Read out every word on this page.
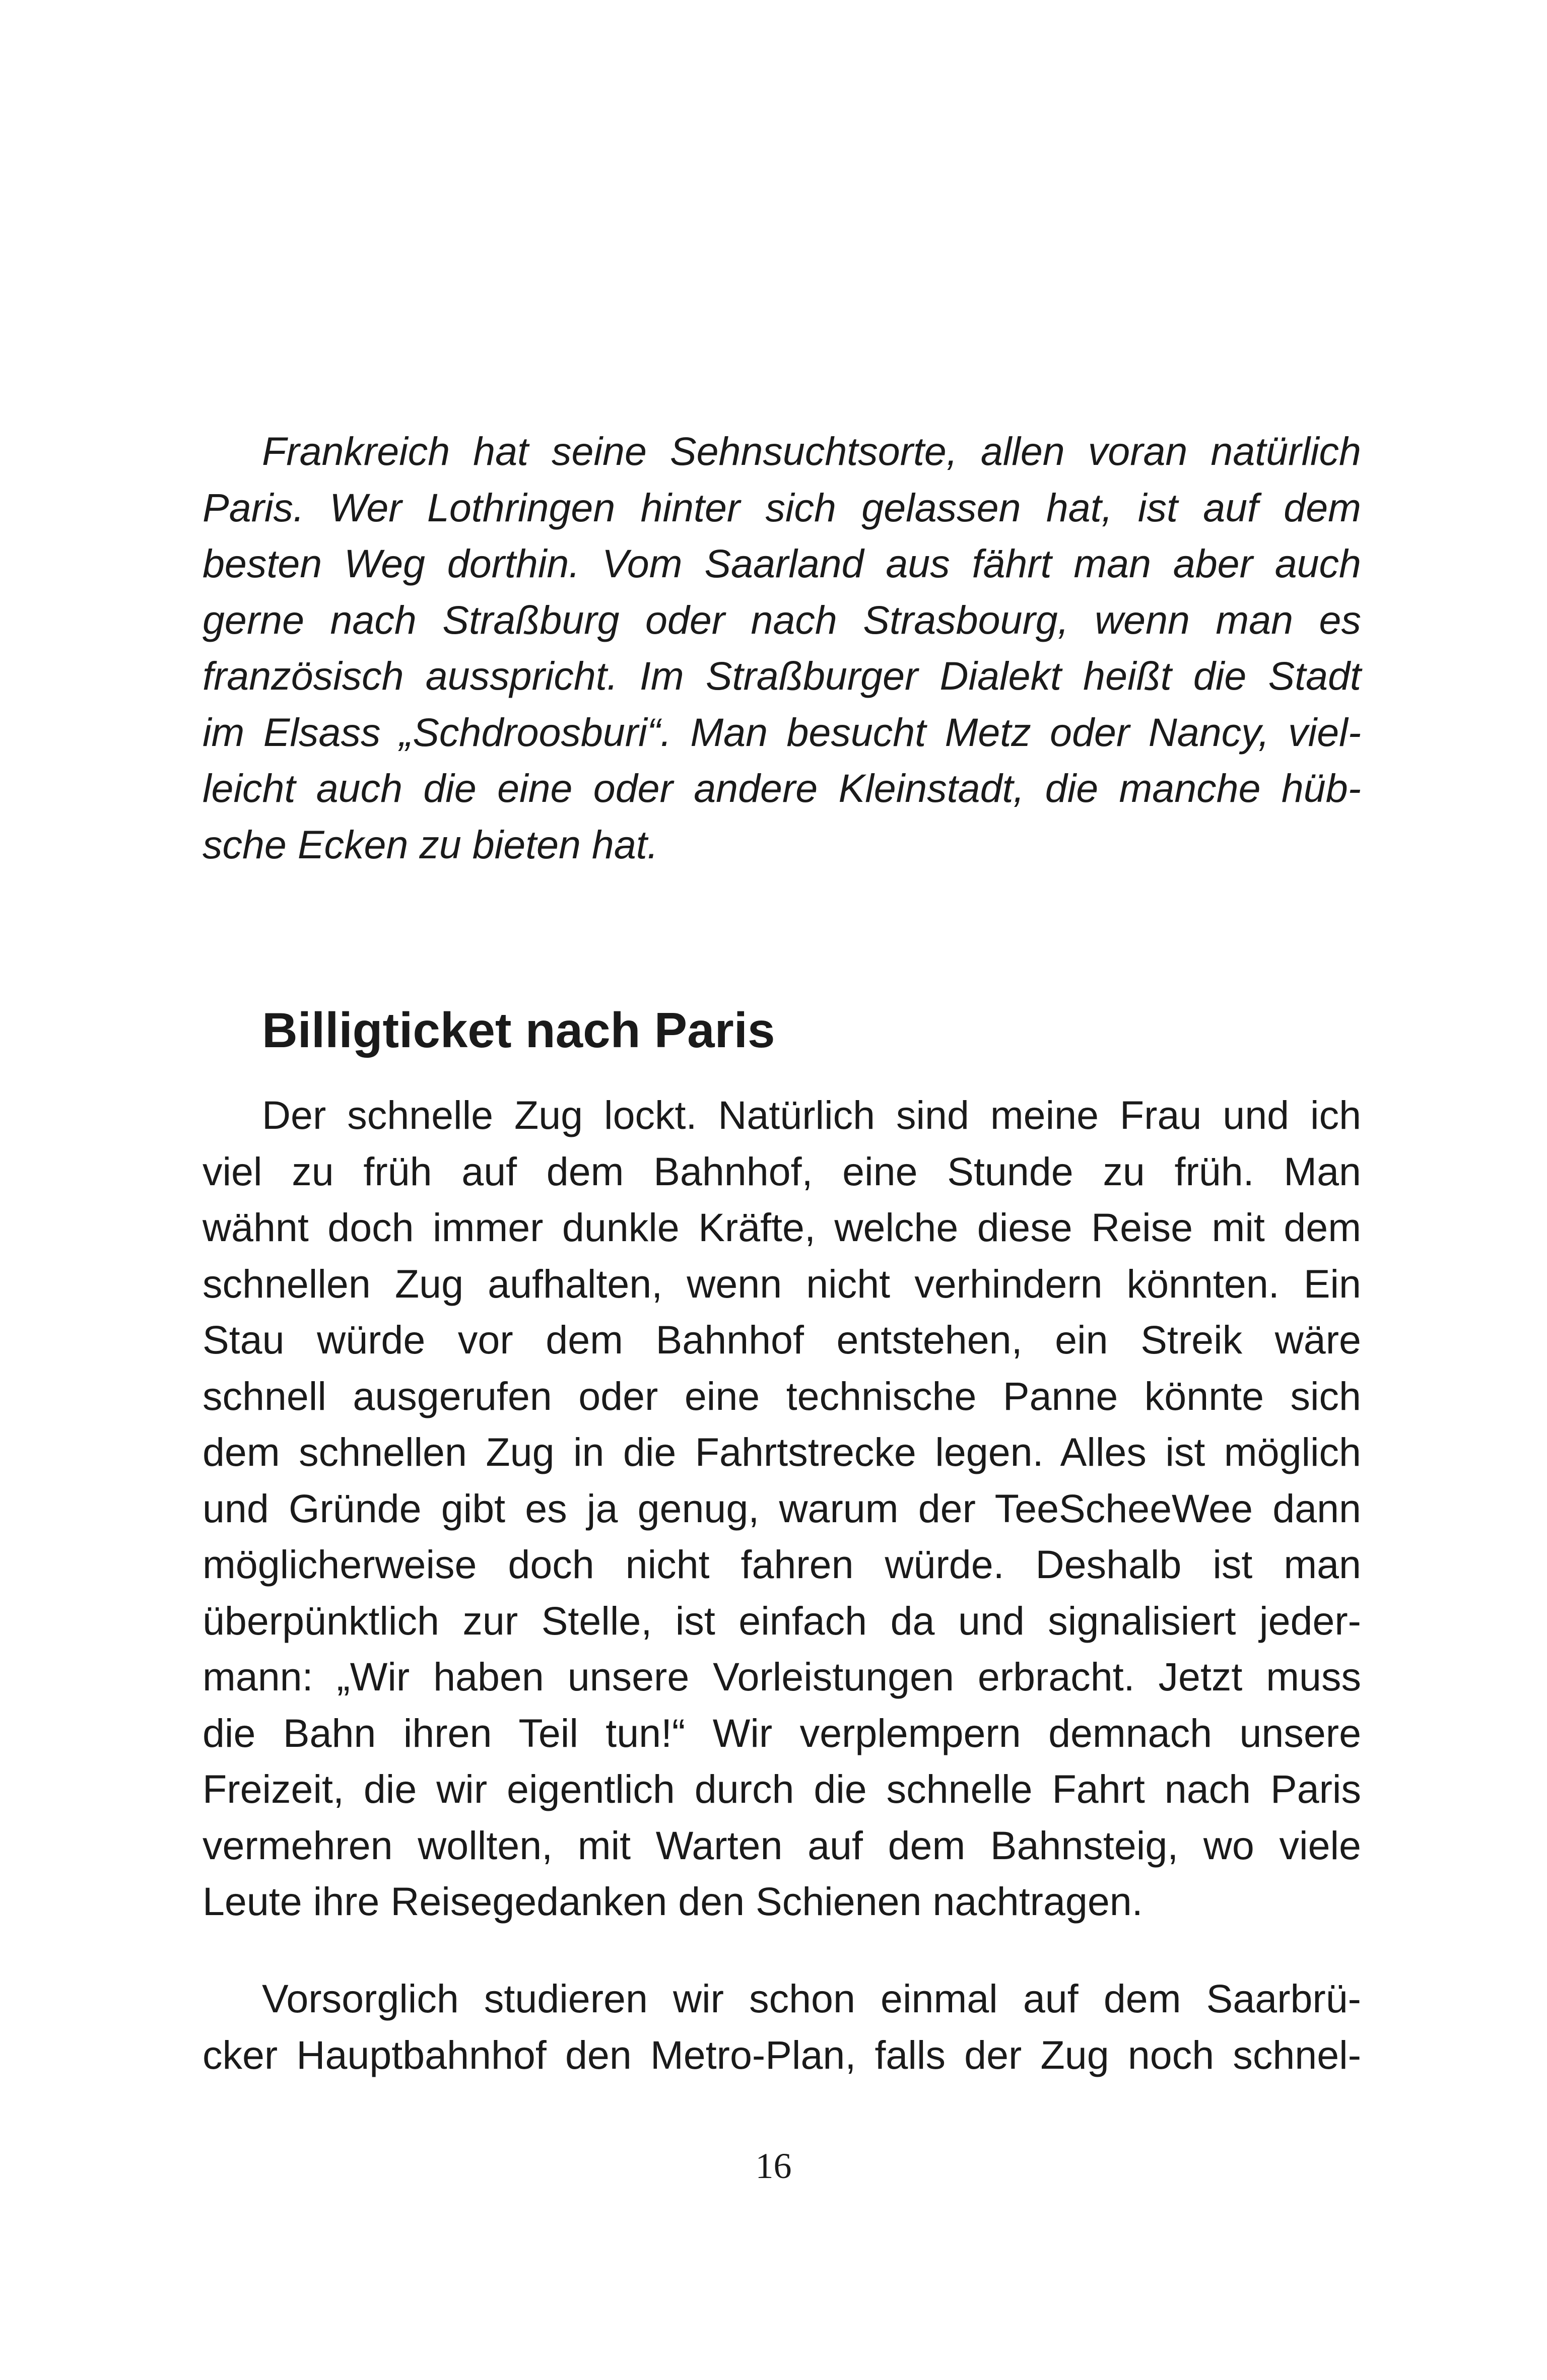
Frankreich hat seine Sehnsuchtsorte, allen voran natürlich
Paris. Wer Lothringen hinter sich gelassen hat, ist auf dem
besten Weg dorthin. Vom Saarland aus fährt man aber auch
gerne nach Straßburg oder nach Strasbourg, wenn man es
französisch ausspricht. Im Straßburger Dialekt heißt die Stadt
im Elsass „Schdroosburi“. Man besucht Metz oder Nancy, viel-
leicht auch die eine oder andere Kleinstadt, die manche hüb-
sche Ecken zu bieten hat.

Billigticket nach Paris

Der schnelle Zug lockt. Natürlich sind meine Frau und ich
viel zu früh auf dem Bahnhof, eine Stunde zu früh. Man
wähnt doch immer dunkle Kräfte, welche diese Reise mit dem
schnellen Zug aufhalten, wenn nicht verhindern könnten. Ein
Stau würde vor dem Bahnhof entstehen, ein Streik wäre
schnell ausgerufen oder eine technische Panne könnte sich
dem schnellen Zug in die Fahrtstrecke legen. Alles ist möglich
und Gründe gibt es ja genug, warum der TeeScheeWee dann
möglicherweise doch nicht fahren würde. Deshalb ist man
überpünktlich zur Stelle, ist einfach da und signalisiert jeder-
mann: „Wir haben unsere Vorleistungen erbracht. Jetzt muss
die Bahn ihren Teil tun!“ Wir verplempern demnach unsere
Freizeit, die wir eigentlich durch die schnelle Fahrt nach Paris
vermehren wollten, mit Warten auf dem Bahnsteig, wo viele
Leute ihre Reisegedanken den Schienen nachtragen.

Vorsorglich studieren wir schon einmal auf dem Saarbrü-
cker Hauptbahnhof den Metro-Plan, falls der Zug noch schnel-

16
